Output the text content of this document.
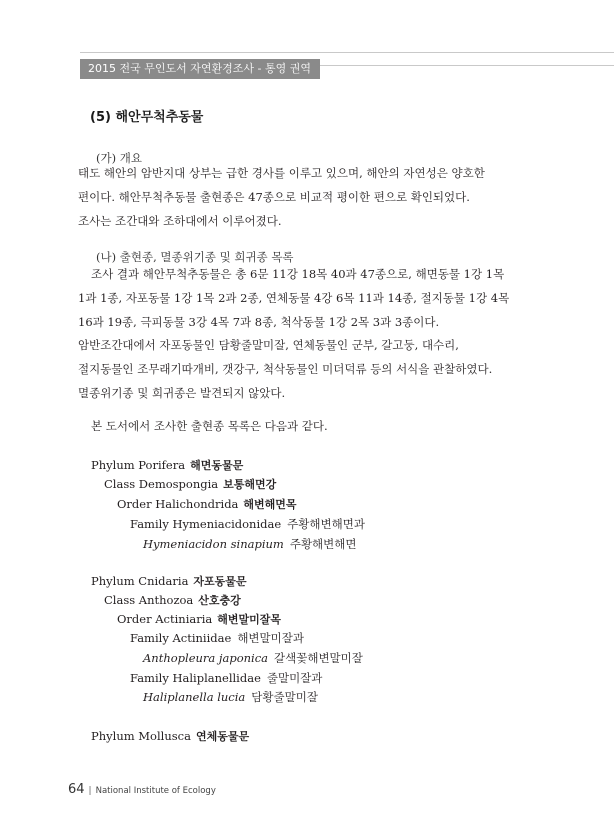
2015 전국 무인도서 자연환경조사 - 통영 권역
(5) 해안무척추동물
(가) 개요

태도 해안의 암반지대 상부는 급한 경사를 이루고 있으며, 해안의 자연성은 양호한

편이다. 해안무척추동물 출현종은 47종으로 비교적 평이한 편으로 확인되었다.

조사는 조간대와 조하대에서 이루어졌다.

(나) 출현종, 멸종위기종 및 희귀종 목록

조사 결과 해안무척추동물은 총 6문 11강 18목 40과 47종으로, 해면동물 1강 1목

1과 1종, 자포동물 1강 1목 2과 2종, 연체동물 4강 6목 11과 14종, 절지동물 1강 4목

16과 19종, 극피동물 3강 4목 7과 8종, 척삭동물 1강 2목 3과 3종이다.

암반조간대에서 자포동물인 담황줄말미잘, 연체동물인 군부, 갈고둥, 대수리,

절지동물인 조무래기따개비, 갯강구, 척삭동물인 미더덕류 등의 서식을 관찰하였다.

멸종위기종 및 희귀종은 발견되지 않았다.

본 도서에서 조사한 출현종 목록은 다음과 같다.
Phylum Porifera 해면동물문
Class Demospongia 보통해면강
Order Halichondrida 해변해면목
Family Hymeniacidonidae 주황해변해면과
Hymeniacidon sinapium 주황해변해면
Phylum Cnidaria 자포동물문
Class Anthozoa 산호충강
Order Actiniaria 해변말미잘목
Family Actiniidae 해변말미잘과
Anthopleura japonica 갈색꽃해변말미잘
Family Haliplanellidae 줄말미잘과
Haliplanella lucia 담황줄말미잘
Phylum Mollusca 연체동물문
64 | National Institute of Ecology
